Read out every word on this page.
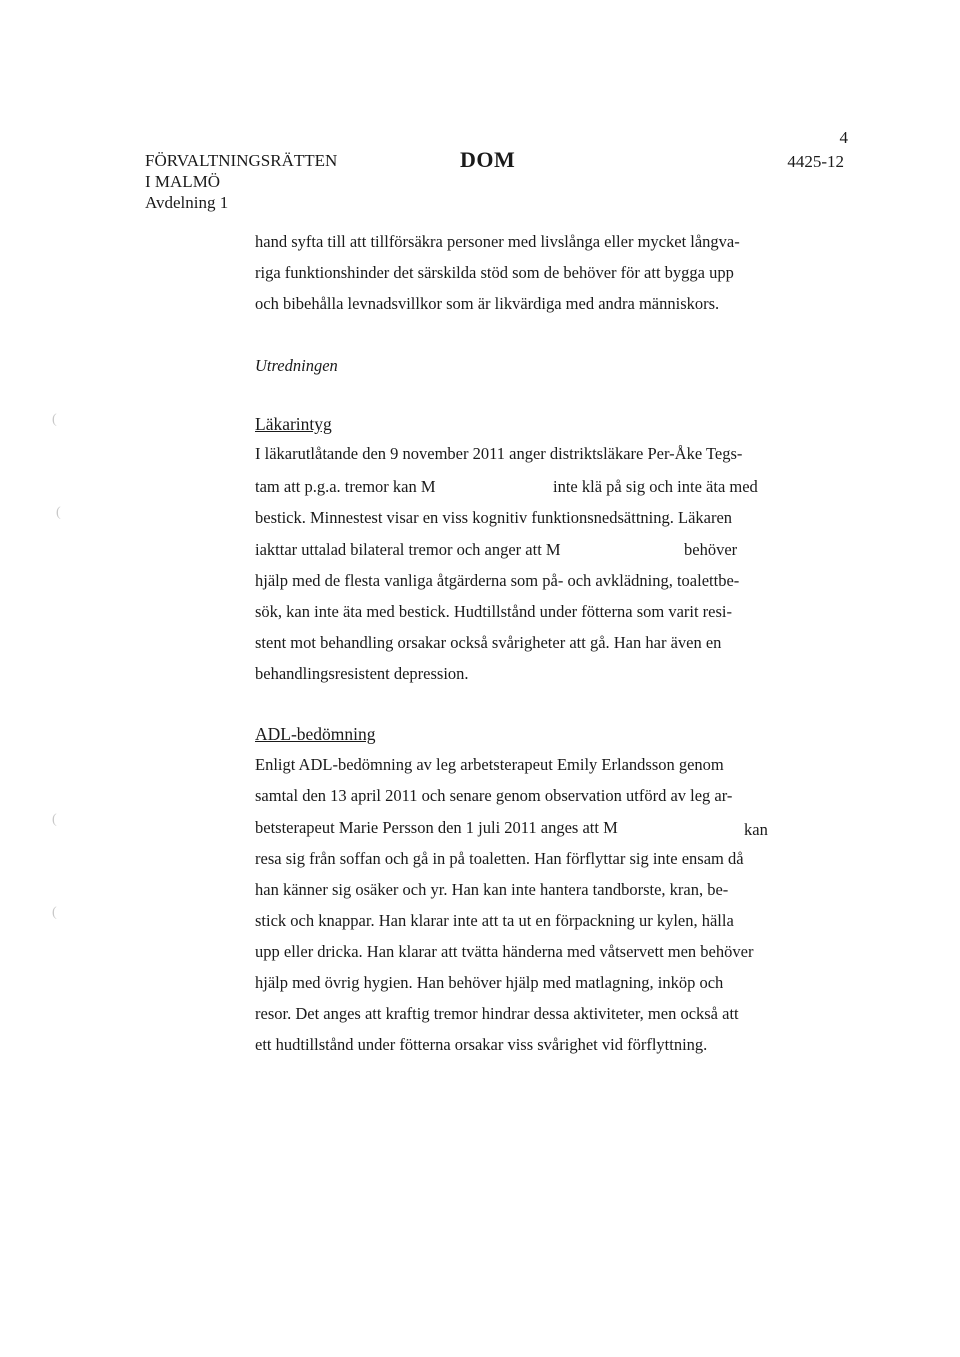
4
FÖRVALTNINGSRÄTTEN
I MALMÖ
Avdelning 1
DOM	4425-12
hand syfta till att tillförsäkra personer med livslånga eller mycket långva-
riga funktionshinder det särskilda stöd som de behöver för att bygga upp
och bibehålla levnadsvillkor som är likvärdiga med andra människors.
Utredningen
Läkarintyg
I läkarutlåtande den 9 november 2011 anger distriktsläkare Per-Åke Tegs-
tam att p.g.a. tremor kan M	inte klä på sig och inte äta med
bestick. Minnestest visar en viss kognitiv funktionsnedsättning. Läkaren
iakttar uttalad bilateral tremor och anger att M	behöver
hjälp med de flesta vanliga åtgärderna som på- och avklädning, toalettbe-
sök, kan inte äta med bestick. Hudtillstånd under fötterna som varit resi-
stent mot behandling orsakar också svårigheter att gå. Han har även en
behandlingsresistent depression.
ADL-bedömning
Enligt ADL-bedömning av leg arbetsterapeut Emily Erlandsson genom
samtal den 13 april 2011 och senare genom observation utförd av leg ar-
betsterapeut Marie Persson den 1 juli 2011 anges att M	kan
resa sig från soffan och gå in på toaletten. Han förflyttar sig inte ensam då
han känner sig osäker och yr. Han kan inte hantera tandborste, kran, be-
stick och knappar. Han klarar inte att ta ut en förpackning ur kylen, hälla
upp eller dricka. Han klarar att tvätta händerna med våtservett men behöver
hjälp med övrig hygien. Han behöver hjälp med matlagning, inköp och
resor. Det anges att kraftig tremor hindrar dessa aktiviteter, men också att
ett hudtillstånd under fötterna orsakar viss svårighet vid förflyttning.
(
(
(
(
